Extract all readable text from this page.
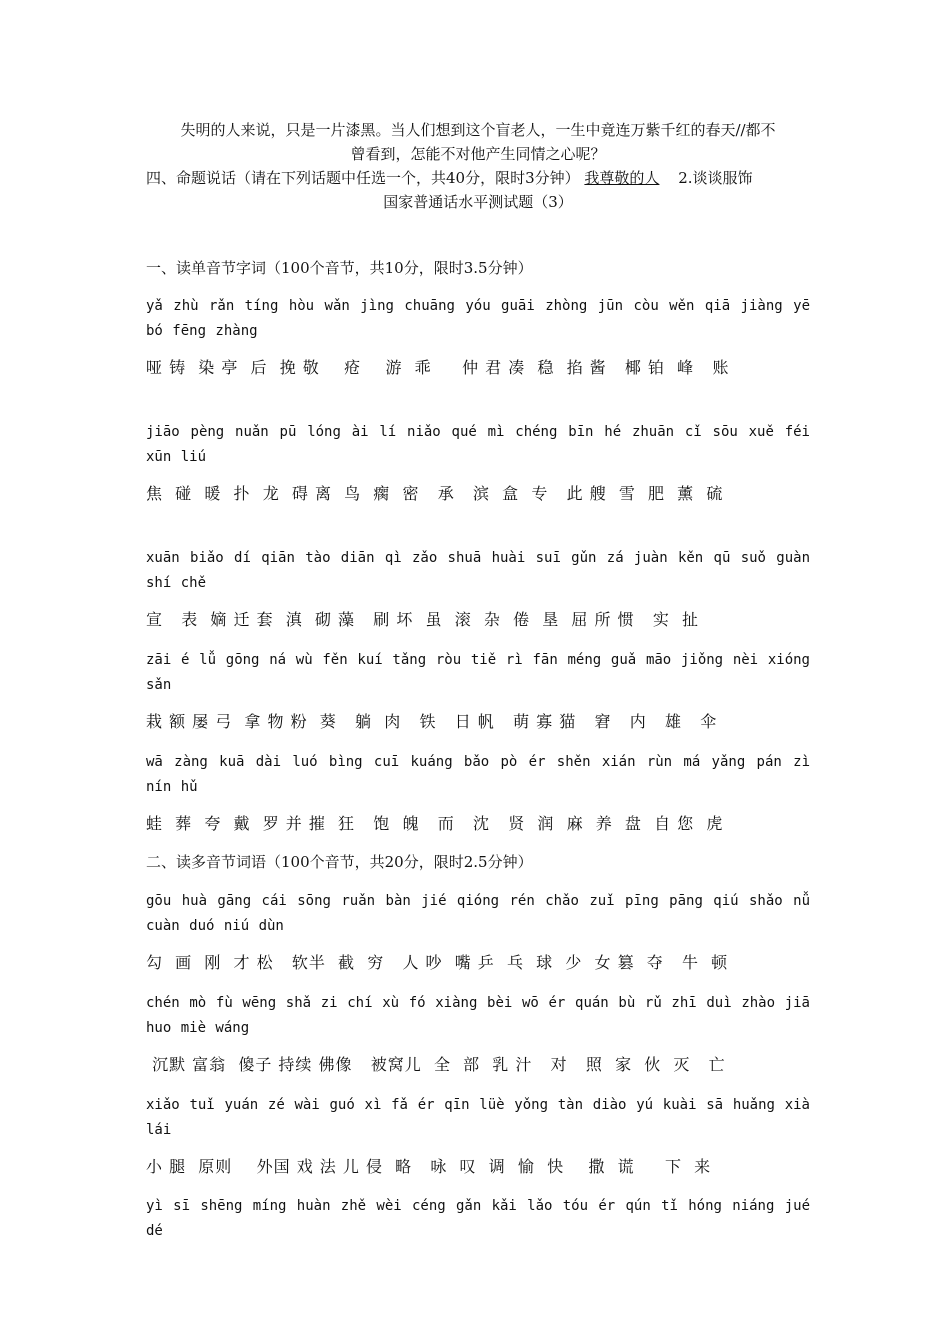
失明的人来说，只是一片漆黑。当人们想到这个盲老人，一生中竟连万紫千红的春天//都不
曾看到，怎能不对他产生同情之心呢？
四、命题说话（请在下列话题中任选一个，共40分，限时3分钟） 我尊敬的人 2.谈谈服饰
国家普通话水平测试题（3）
一、读单音节字词（100个音节，共10分，限时3.5分钟）
yǎ zhù rǎn tíng hòu wǎn jìng chuāng yóu guāi zhòng jūn còu wěn qiā jiàng yē bó fēng zhàng
哑 铸  染 亭  后  挽 敬    疮    游  乖     仲 君 凑  稳  掐 酱   椰 铂  峰   账
jiāo pèng nuǎn pū lóng ài lí niǎo qué mì chéng bīn hé zhuān cǐ sōu xuě féi xūn liú
焦  碰  暖  扑  龙  碍 离  鸟  瘸  密   承   滨  盒  专   此 艘  雪  肥  薰  硫
xuān biǎo dí qiān tào diān qì zǎo shuā huài suī gǔn zá juàn kěn qū suǒ guàn shí chě
宣   表  嫡 迁 套  滇  砌 藻   刷 坏  虽  滚  杂  倦  垦  屈 所 惯   实  扯
zāi é lǚ gōng ná wù fěn kuí tǎng ròu tiě rì fān méng guǎ māo jiǒng nèi xióng sǎn
栽 额 屡 弓  拿 物 粉  葵   躺  肉   铁   日 帆   萌 寡 猫   窘   内   雄   伞
wā zàng kuā dài luó bìng cuī kuáng bǎo pò ér shěn xián rùn má yǎng pán zì nín hǔ
蛙  葬  夸  戴  罗 并 摧  狂   饱  魄   而   沈   贤  润  麻  养  盘  自 您  虎
二、读多音节词语（100个音节，共20分，限时2.5分钟）
gōu huà gāng cái sōng ruǎn bàn jié qióng rén chǎo zuǐ pīng pāng qiú shǎo nǚ cuàn duó niú dùn
勾  画  刚  才 松   软半  截  穷   人 吵  嘴 乒  乓  球  少  女 篡  夺   牛  顿
chén mò fù wēng shǎ zi chí xù fó xiàng bèi wō ér quán bù rǔ zhī duì zhào jiā huo miè wáng
沉默 富翁  傻子 持续 佛像   被窝儿  全  部  乳 汁   对   照  家  伙  灭   亡
xiǎo tuǐ yuán zé wài guó xì fǎ ér qīn lüè yǒng tàn diào yú kuài sā huǎng xià lái
小 腿  原则    外国 戏 法 儿 侵  略   咏  叹  调  愉  快    撒  谎     下  来
yì sī shēng míng huàn zhě wèi céng gǎn kǎi lǎo tóu ér qún tǐ hóng niáng jué dé
